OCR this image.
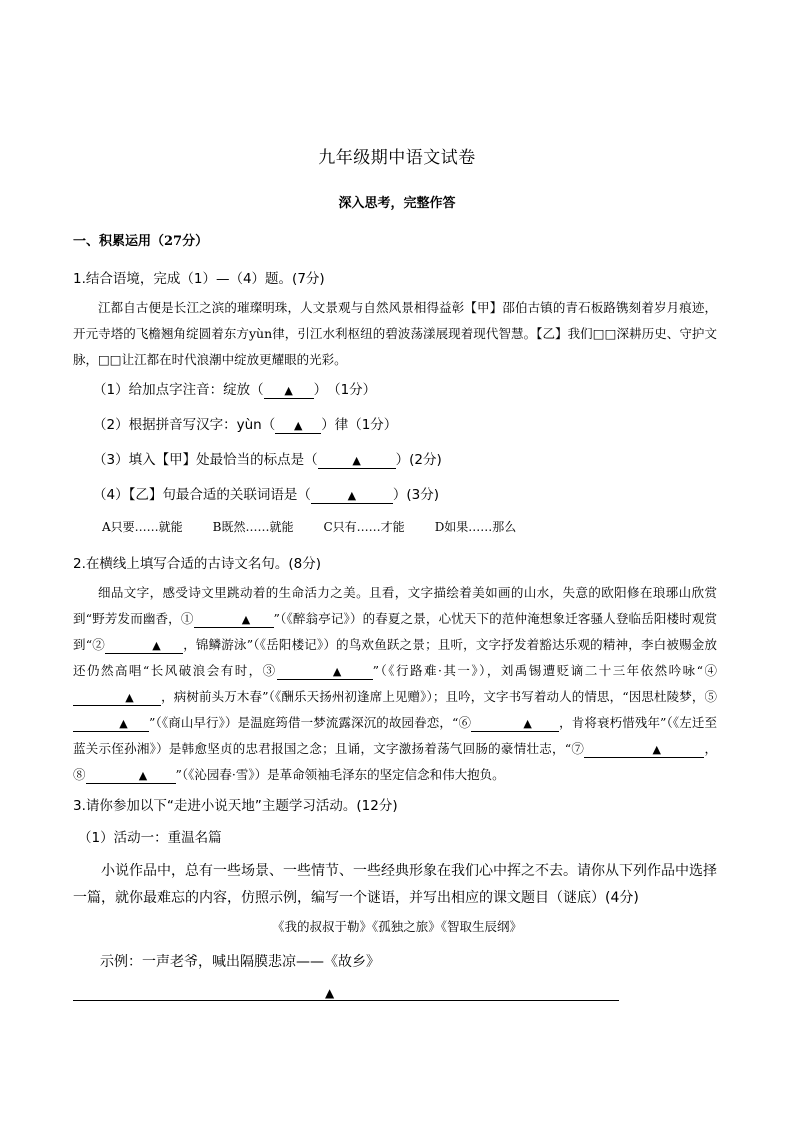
九年级期中语文试卷
深入思考，完整作答
一、积累运用（27分）
1.结合语境，完成（1）—（4）题。(7分)

江都自古便是长江之滨的璀璨明珠，人文景观与自然风景相得益彰【甲】邵伯古镇的青石板路镌刻着岁月痕迹，开元寺塔的飞檐翘角绽圆着东方yùn律，引江水利枢纽的碧波荡漾展现着现代智慧。【乙】我们□□深耕历史、守护文脉，□□让江都在时代浪潮中绽放更耀眼的光彩。

（1）给加点字注音：绽放（ ▲ ）　（1分）
（2）根据拼音写汉字：yùn（ ▲ ）律（1分）
（3）填入【甲】处最恰当的标点是（	▲	）(2分)
（4）【乙】句最合适的关联词语是（	▲	）(3分)
A只要……就能	B既然……就能	C只有……才能	D如果……那么
2.在横线上填写合适的古诗文名句。(8分)

细品文字，感受诗文里跳动着的生命活力之美。且看，文字描绘着美如画的山水，失意的欧阳修在琅琊山欣赏到“野芳发而幽香，①	▲ ”（《醉翁亭记》）的春夏之景，心忧天下的范仲淹想象迁客骚人登临岳阳楼时观赏到“②	▲ ，锦鳞游泳”（《岳阳楼记》）的鸟欢鱼跃之景；且听，文字抒发着豁达乐观的精神，李白被赐金放还仍然高唱“长风破浪会有时，③	▲	”（《行路难·其一》），刘禹锡遭贬谪二十三年依然吟咏“④▲ ，病树前头万木春”（《酬乐天扬州初逢席上见赠》）；且吟，文字书写着动人的情思，“因思杜陵梦，⑤▲ ”（《商山早行》）是温庭筠借一梦流露深沉的故园眷恋，“⑥	▲ ，肯将衰朽惜残年”（《左迁至蓝关示侄孙湘》）是韩愈坚贞的忠君报国之念；且诵，文字激扬着荡气回肠的豪情壮志，“⑦	▲	，⑧	▲ ”（《沁园春·雪》）是革命领袖毛泽东的坚定信念和伟大抱负。

3.请你参加以下“走进小说天地”主题学习活动。(12分)
（1）活动一：重温名篇

小说作品中，总有一些场景、一些情节、一些经典形象在我们心中挥之不去。请你从下列作品中选择一篇，就你最难忘的内容，仿照示例，编写一个谜语，并写出相应的课文题目（谜底）(4分)

《我的叔叔于勒》《孤独之旅》《智取生辰纲》
示例：一声老爷，喊出隔膜悲凉——《故乡》
▲
